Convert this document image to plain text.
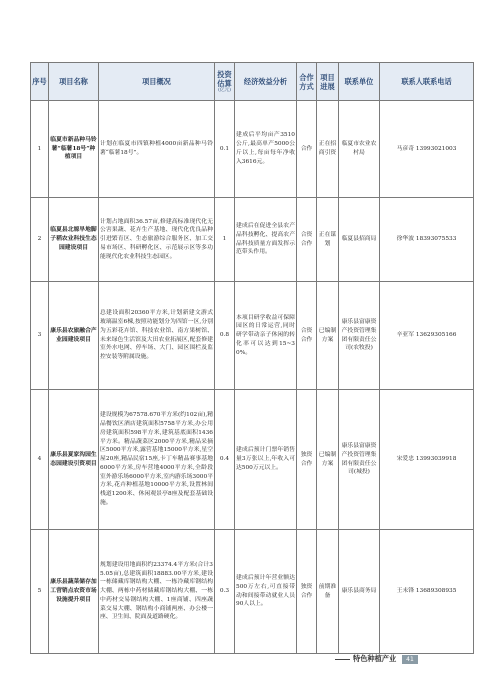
序号	项目名称	项目概况	投资估算
(亿元)	经济效益分析	合作方式	项目进展	联系单位	联系人联系电话
1	临夏市新品种马铃薯“临薯18号”种植项目	计划在临夏市四镇种植4000亩新品种马铃薯“临薯18号”。	0.1	建成后平均亩产3510公斤,最高单产5000公斤以上,每亩每年净收入3616元。	合作	正在招商引资	临夏市农业农村局	马彦奇 13993021003
2	临夏县北塬旱地脚子稻农业科技生态园建设项目	计划占地面积36.57亩,修建高标准现代化无公害果蔬、花卉生产基地、现代化优良品种引进繁育区、生态旅游综合服务区、加工交易市场区、科研孵化区、示范展示区等多功能现代化农业科技生态园区。	1	建成后在促进全县农产品科技孵化、提高农产品科技质量方面发挥示范带头作用。	合资合作	正在谋划	临夏县招商局	徐华波 18393075533
3	康乐县农旅融合产业园建设项目	总建设面积20360平方米,计划新建文游式玻璃温室6棟,按照功能划分为四馆一区,分别为五彩花卉馆、科技农业馆、南方果树馆、未来绿色生活馆及大田农业拓展区,配套修建室外水电网、停车场、大门、园区围栏及监控安装等附属设施。	0.8	本项目研学收益可保障园区的日常运营,同时研学带动亲子休闲的转化率可以达到15~30%。	合资合作	已编制方案	康乐县富康资产投资管理集团有限责任公司(农牧投)	辛亚军 13629305166
4	康乐县夏家沟园生态园建设引资项目	建设规模为67578.670平方米(约102亩),精品餐饮区酒店建筑面积5758平方米,办公用房建筑面积598平方米,建筑基底面积1436平方米。精品蔬菜区2000平方米,精品采摘区5000平方米,露营基地15000平方米,星空屋20座,精品民宿15座,卡丁车精品赛事基地6000平方米,房车营地4000平方米,全龄段室外游乐场6000平方米,室内游乐场3000平方米,花卉种植基地10000平方米,设置林间栈道1200米、休闲观景亭8座及配套基础设施。	0.4	建成后预计门票年销售量3万张以上,年收入可达500万元以上。	独资合作	已编制方案	康乐县富康资产投资管理集团有限责任公司(城投)	宋爱忠 13993039918
5	康乐县蔬菜储存加工营销点农资市场设施提升项目	规划建设用地面积约23374.4平方米(合计35.05亩),总建筑面积18883.00平方米,建设一栋储藏库钢结构大棚、一栋冷藏库钢结构大棚、两栋中药材储藏库钢结构大棚、一栋中药材交易钢结构大棚、1座商铺、四座蔬菜交易大棚、钢结构小商铺两座、办公楼一座、卫生间、院面及道路硬化。	0.3	建成后预计年营业额达500万左右,可直接带动和间接带动就业人员90人以上。	独资合作	前期准备	康乐县商务局	王未锋 13689308935
特色种植产业	41
